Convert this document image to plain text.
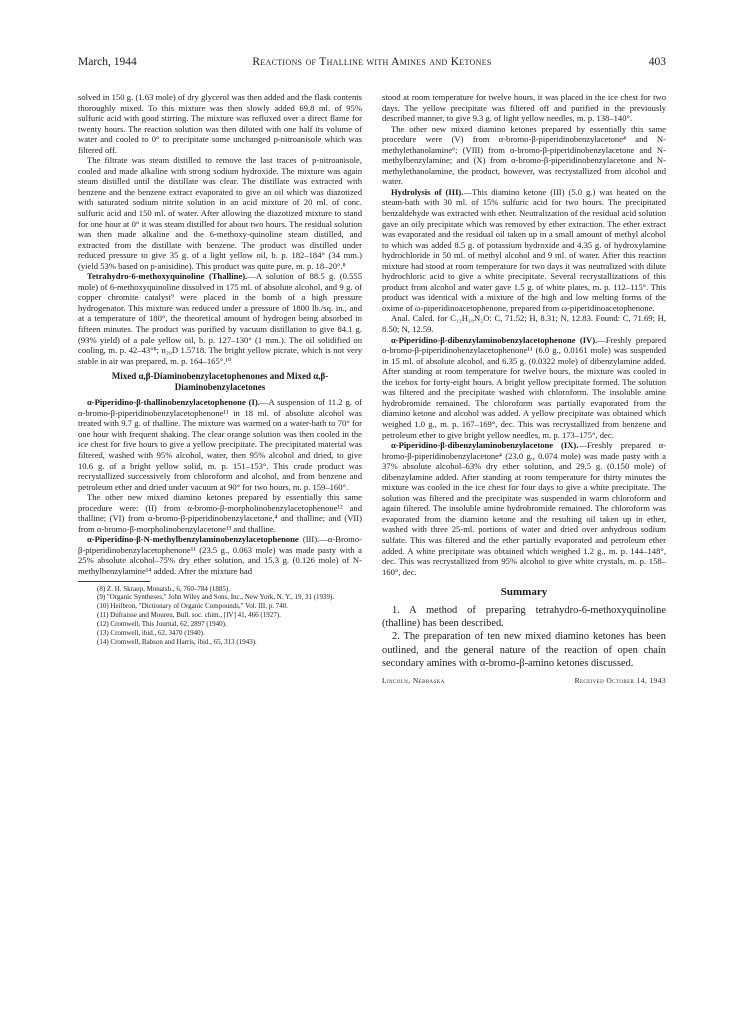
March, 1944	Reactions of Thalline with Amines and Ketones	403

solved in 150 g. (1.63 mole) of dry glycerol was then added and the flask contents thoroughly mixed. To this mixture was then slowly added 69.8 ml. of 95% sulfuric acid with good stirring. The mixture was refluxed over a direct flame for twenty hours. The reaction solution was then diluted with one half its volume of water and cooled to 0° to precipitate some unchanged p-nitroanisole which was filtered off.

The filtrate was steam distilled to remove the last traces of p-nitroanisole, cooled and made alkaline with strong sodium hydroxide. The mixture was again steam distilled until the distillate was clear. The distillate was extracted with benzene and the benzene extract evaporated to give an oil which was diazotized with saturated sodium nitrite solution in an acid mixture of 20 ml. of conc. sulfuric acid and 150 ml. of water. After allowing the diazotized mixture to stand for one hour at 0° it was steam distilled for about two hours. The residual solution was then made alkaline and the 6-methoxy-quinoline steam distilled, and extracted from the distillate with benzene. The product was distilled under reduced pressure to give 35 g. of a light yellow oil, b. p. 182–184° (34 mm.) (yield 53% based on p-anisidine). This product was quite pure, m. p. 18–20°.⁸

Tetrahydro-6-methoxyquinoline (Thalline).—A solution of 88.5 g. (0.555 mole) of 6-methoxyquinoline dissolved in 175 ml. of absolute alcohol, and 9 g. of copper chromite catalyst⁹ were placed in the bomb of a high pressure hydrogenator. This mixture was reduced under a pressure of 1800 lb./sq. in., and at a temperature of 180°, the theoretical amount of hydrogen being absorbed in fifteen minutes. The product was purified by vacuum distillation to give 84.1 g. (93% yield) of a pale yellow oil, b. p. 127–130° (1 mm.). The oil solidified on cooling, m. p. 42–43°⁸; n₂₀D 1.5718. The bright yellow picrate, which is not very stable in air was prepared, m. p. 164–165°.¹⁰

Mixed α,β-Diaminobenzylacetophenones and Mixed α,β-Diaminobenzylacetones

α-Piperidino-β-thallinobenzylacetophenone (I).—A suspension of 11.2 g. of α-bromo-β-piperidinobenzylacetophenone¹¹ in 18 ml. of absolute alcohol was treated with 9.7 g. of thalline. The mixture was warmed on a water-bath to 70° for one hour with frequent shaking. The clear orange solution was then cooled in the ice chest for five hours to give a yellow precipitate. The precipitated material was filtered, washed with 95% alcohol, water, then 95% alcohol and dried, to give 10.6 g. of a bright yellow solid, m. p. 151–153°. This crude product was recrystallized successively from chloroform and alcohol, and from benzene and petroleum ether and dried under vacuum at 90° for two hours, m. p. 159–160°.

The other new mixed diamino ketones prepared by essentially this same procedure were: (II) from α-bromo-β-morpholinobenzylacetophenone¹² and thalline; (VI) from α-bromo-β-piperidinobenzylacetone,⁴ and thalline; and (VII) from α-bromo-β-morpholinobenzylacetone¹³ and thalline.

α-Piperidino-β-N-methylbenzylaminobenzylacetophenone (III).—α-Bromo-β-piperidinobenzylacetophenone¹¹ (23.5 g., 0.063 mole) was made pasty with a 25% absolute alcohol–75% dry ether solution, and 15.3 g. (0.126 mole) of N-methylbenzylamine¹⁴ added. After the mixture had

(8) Z. H. Skraup, Monatsh., 6, 760–784 (1885).

(9) "Organic Syntheses," John Wiley and Sons, Inc., New York, N. Y., 19, 31 (1939).

(10) Heilbron, "Dictionary of Organic Compounds," Vol. III, p. 740.

(11) Dufraisse and Moureu, Bull. soc. chim., [IV] 41, 466 (1927).

(12) Cromwell, This Journal, 62, 2897 (1940).

(13) Cromwell, ibid., 62, 3470 (1940).

(14) Cromwell, Babson and Harris, ibid., 65, 313 (1943).

stood at room temperature for twelve hours, it was placed in the ice chest for two days. The yellow precipitate was filtered off and purified in the previously described manner, to give 9.3 g. of light yellow needles, m. p. 138–140°.

The other new mixed diamino ketones prepared by essentially this same procedure were (V) from α-bromo-β-piperidinobenzylacetone⁴ and N-methylethanolamine⁶; (VIII) from α-bromo-β-piperidinobenzylacetone and N-methylbenzylamine; and (X) from α-bromo-β-piperidinobenzylacetone and N-methylethanolamine, the product, however, was recrystallized from alcohol and water.

Hydrolysis of (III).—This diamino ketone (III) (5.0 g.) was heated on the steam-bath with 30 ml. of 15% sulfuric acid for two hours. The precipitated benzaldehyde was extracted with ether. Neutralization of the residual acid solution gave an oily precipitate which was removed by ether extraction. The ether extract was evaporated and the residual oil taken up in a small amount of methyl alcohol to which was added 8.5 g. of potassium hydroxide and 4.35 g. of hydroxylamine hydrochloride in 50 ml. of methyl alcohol and 9 ml. of water. After this reaction mixture had stood at room temperature for two days it was neutralized with dilute hydrochloric acid to give a white precipitate. Several recrystallizations of this product from alcohol and water gave 1.5 g. of white plates, m. p. 112–115°. This product was identical with a mixture of the high and low melting forms of the oxime of ω-piperidinoacetophenone, prepared from ω-piperidinoacetophenone.

Anal. Calcd. for C₁₃H₁₈N₂O: C, 71.52; H, 8.31; N, 12.83. Found: C, 71.69; H, 8.50; N, 12.59.

α-Piperidino-β-dibenzylaminobenzylacetophenone (IV).—Freshly prepared α-bromo-β-piperidinobenzylacetophenone¹¹ (6.0 g., 0.0161 mole) was suspended in 15 ml. of absolute alcohol, and 6.35 g. (0.0322 mole) of dibenzylamine added. After standing at room temperature for twelve hours, the mixture was cooled in the icebox for forty-eight hours. A bright yellow precipitate formed. The solution was filtered and the precipitate washed with chloroform. The insoluble amine hydrobromide remained. The chloroform was partially evaporated from the diamino ketone and alcohol was added. A yellow precipitate was obtained which weighed 1.0 g., m. p. 167–169°, dec. This was recrystallized from benzene and petroleum ether to give bright yellow needles, m. p. 173–175°, dec.

α-Piperidino-β-dibenzylaminobenzylacetone (IX).—Freshly prepared α-bromo-β-piperidinobenzylacetone⁴ (23.0 g., 0.074 mole) was made pasty with a 37% absolute alcohol–63% dry ether solution, and 29.5 g. (0.150 mole) of dibenzylamine added. After standing at room temperature for thirty minutes the mixture was cooled in the ice chest for four days to give a white precipitate. The solution was filtered and the precipitate was suspended in warm chloroform and again filtered. The insoluble amine hydrobromide remained. The chloroform was evaporated from the diamino ketone and the resulting oil taken up in ether, washed with three 25-ml. portions of water and dried over anhydrous sodium sulfate. This was filtered and the ether partially evaporated and petroleum ether added. A white precipitate was obtained which weighed 1.2 g., m. p. 144–148°, dec. This was recrystallized from 95% alcohol to give white crystals, m. p. 158–160°, dec.

Summary

1. A method of preparing tetrahydro-6-methoxyquinoline (thalline) has been described.

2. The preparation of ten new mixed diamino ketones has been outlined, and the general nature of the reaction of open chain secondary amines with α-bromo-β-amino ketones discussed.

Lincoln, Nebraska	Received October 14, 1943
